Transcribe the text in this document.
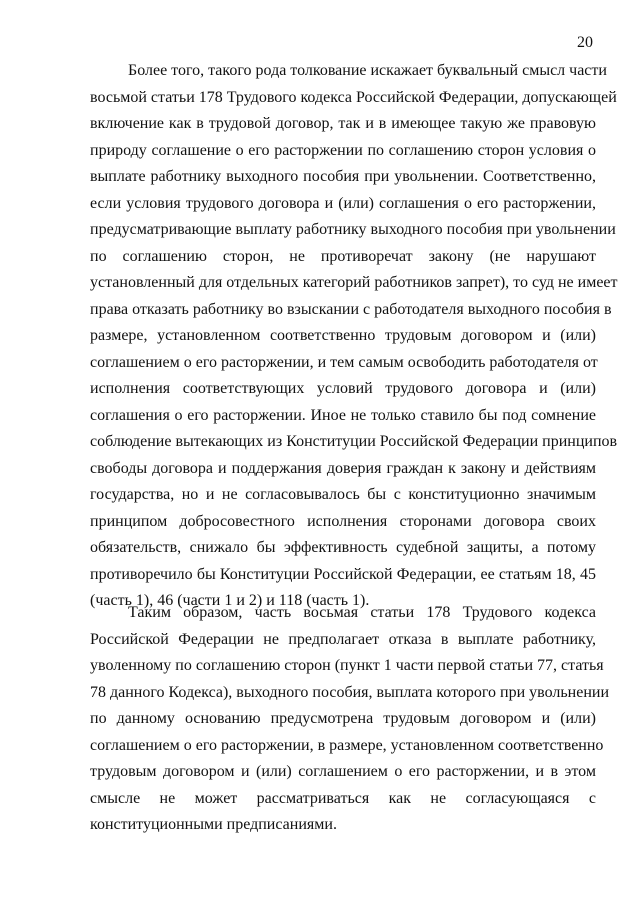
20
Более того, такого рода толкование искажает буквальный смысл части
восьмой статьи 178 Трудового кодекса Российской Федерации, допускающей
включение как в трудовой договор, так и в имеющее такую же правовую
природу соглашение о его расторжении по соглашению сторон условия о
выплате работнику выходного пособия при увольнении. Соответственно,
если условия трудового договора и (или) соглашения о его расторжении,
предусматривающие выплату работнику выходного пособия при увольнении
по соглашению сторон, не противоречат закону (не нарушают
установленный для отдельных категорий работников запрет), то суд не имеет
права отказать работнику во взыскании с работодателя выходного пособия в
размере, установленном соответственно трудовым договором и (или)
соглашением о его расторжении, и тем самым освободить работодателя от
исполнения соответствующих условий трудового договора и (или)
соглашения о его расторжении. Иное не только ставило бы под сомнение
соблюдение вытекающих из Конституции Российской Федерации принципов
свободы договора и поддержания доверия граждан к закону и действиям
государства, но и не согласовывалось бы с конституционно значимым
принципом добросовестного исполнения сторонами договора своих
обязательств, снижало бы эффективность судебной защиты, а потому
противоречило бы Конституции Российской Федерации, ее статьям 18, 45
(часть 1), 46 (части 1 и 2) и 118 (часть 1).
Таким образом, часть восьмая статьи 178 Трудового кодекса
Российской Федерации не предполагает отказа в выплате работнику,
уволенному по соглашению сторон (пункт 1 части первой статьи 77, статья
78 данного Кодекса), выходного пособия, выплата которого при увольнении
по данному основанию предусмотрена трудовым договором и (или)
соглашением о его расторжении, в размере, установленном соответственно
трудовым договором и (или) соглашением о его расторжении, и в этом
смысле не может рассматриваться как не согласующаяся с
конституционными предписаниями.
